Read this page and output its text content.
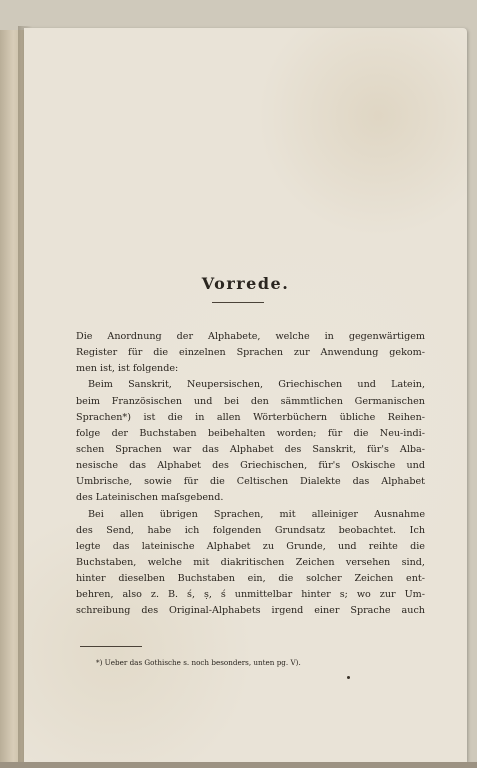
Vorrede.
Die Anordnung der Alphabete, welche in gegenwärtigem
Register für die einzelnen Sprachen zur Anwendung gekom-
men ist, ist folgende:
Beim Sanskrit, Neupersischen, Griechischen und Latein,
beim Französischen und bei den sämmtlichen Germanischen
Sprachen*) ist die in allen Wörterbüchern übliche Reihen-
folge der Buchstaben beibehalten worden; für die Neu-indi-
schen Sprachen war das Alphabet des Sanskrit, für's Alba-
nesische das Alphabet des Griechischen, für's Oskische und
Umbrische, sowie für die Celtischen Dialekte das Alphabet
des Lateinischen maſsgebend.
Bei allen übrigen Sprachen, mit alleiniger Ausnahme
des Send, habe ich folgenden Grundsatz beobachtet. Ich
legte das lateinische Alphabet zu Grunde, und reihte die
Buchstaben, welche mit diakritischen Zeichen versehen sind,
hinter dieselben Buchstaben ein, die solcher Zeichen ent-
behren, also z. B. ś, ṣ, ś unmittelbar hinter s; wo zur Um-
schreibung des Original-Alphabets irgend einer Sprache auch

*) Ueber das Gothische s. noch besonders, unten pg. V).
